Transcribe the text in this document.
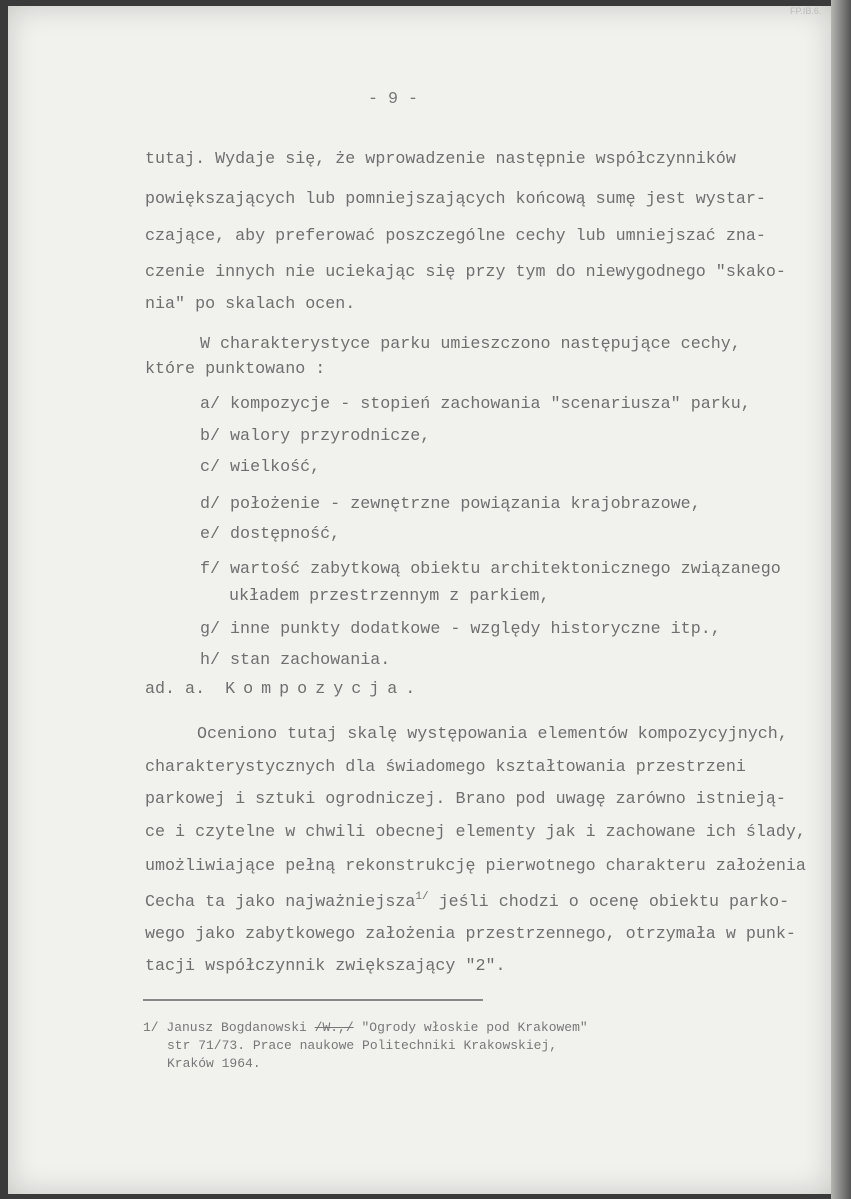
FP.IB.6.
- 9 -
tutaj. Wydaje się, że wprowadzenie następnie współczynników
powiększających lub pomniejszających końcową sumę jest wystar-
czające, aby preferować poszczególne cechy lub umniejszać zna-
czenie innych nie uciekając się przy tym do niewygodnego "skako-
nia" po skalach ocen.
W charakterystyce parku umieszczono następujące cechy,
które punktowano :
a/ kompozycje - stopień zachowania "scenariusza" parku,
b/ walory przyrodnicze,
c/ wielkość,
d/ położenie - zewnętrzne powiązania krajobrazowe,
e/ dostępność,
f/ wartość zabytkową obiektu architektonicznego związanego
układem przestrzennym z parkiem,
g/ inne punkty dodatkowe - względy historyczne itp.,
h/ stan zachowania.
ad. a. Kompozycja.
Oceniono tutaj skalę występowania elementów kompozycyjnych,
charakterystycznych dla świadomego kształtowania przestrzeni
parkowej i sztuki ogrodniczej. Brano pod uwagę zarówno istnieją-
ce i czytelne w chwili obecnej elementy jak i zachowane ich ślady,
umożliwiające pełną rekonstrukcję pierwotnego charakteru założenia
Cecha ta jako najważniejsza$^{1/}$ jeśli chodzi o ocenę obiektu parko-
wego jako zabytkowego założenia przestrzennego, otrzymała w punk-
tacji współczynnik zwiększający "2".
1/ Janusz Bogdanowski /W.,/ "Ogrody włoskie pod Krakowem"
str 71/73. Prace naukowe Politechniki Krakowskiej,
Kraków 1964.
